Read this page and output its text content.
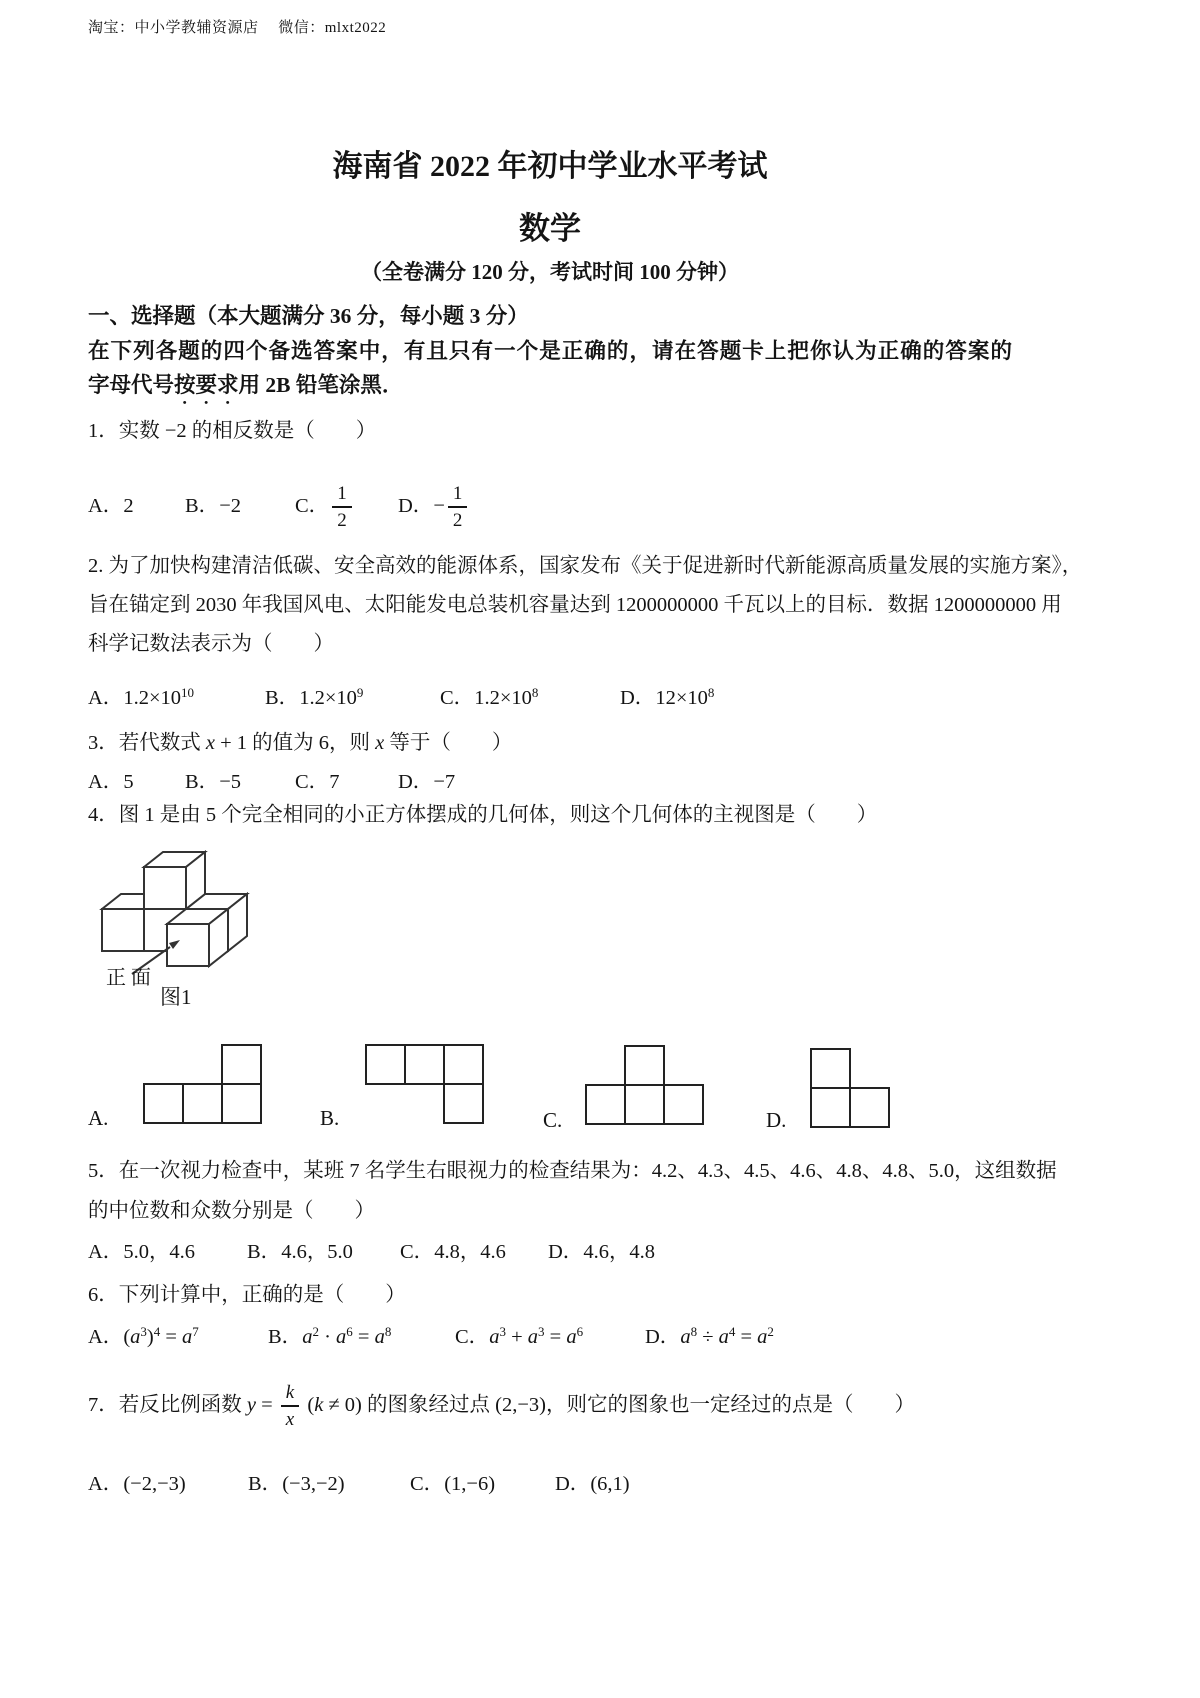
淘宝：中小学教辅资源店　 微信：mlxt2022
海南省 2022 年初中学业水平考试
数学
（全卷满分 120 分，考试时间 100 分钟）
一、选择题（本大题满分 36 分，每小题 3 分）
在下列各题的四个备选答案中，有且只有一个是正确的，请在答题卡上把你认为正确的答案的
字母代号按要求用 2B 铅笔涂黑．
1．实数 −2 的相反数是（　　）
A．2	B．−2	C． $\frac{1}{2}$ D．− $\frac{1}{2}$
2. 为了加快构建清洁低碳、安全高效的能源体系，国家发布《关于促进新时代新能源高质量发展的实施方案》，
旨在锚定到 2030 年我国风电、太阳能发电总装机容量达到 1200000000 千瓦以上的目标．数据 1200000000 用
科学记数法表示为（　　）
A．1.2×1010	B．1.2×109	C．1.2×108	D．12×108
3．若代数式 x + 1 的值为 6，则 x 等于（　　）
A．5	B．−5	C．7	D．−7
4．图 1 是由 5 个完全相同的小正方体摆成的几何体，则这个几何体的主视图是（　　）
正 面
图1
A.	B.	C.	D.
5．在一次视力检查中，某班 7 名学生右眼视力的检查结果为：4.2、4.3、4.5、4.6、4.8、4.8、5.0，这组数据
的中位数和众数分别是（　　）
A．5.0，4.6	B．4.6，5.0 C．4.8，4.6 D．4.6，4.8
6．下列计算中，正确的是（　　）
A．(a3)4 = a7	B．a2 · a6 = a8	C．a3 + a3 = a6	D．a8 ÷ a4 = a2
7．若反比例函数 $y = \frac{k}{x} (k \ne 0)$ 的图象经过点 (2,−3)，则它的图象也一定经过的点是（　　）
A．(−2,−3)	B．(−3,−2)	C．(1,−6)	D．(6,1)
